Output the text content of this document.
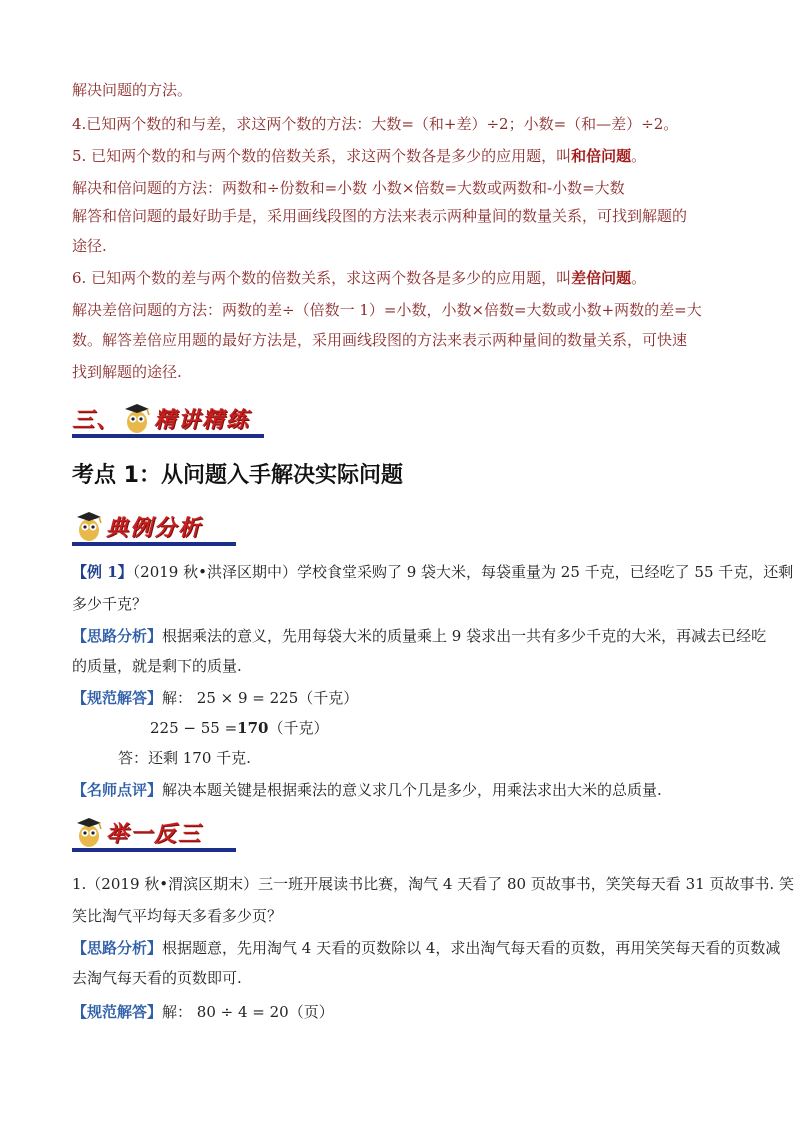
解决问题的方法。
4.已知两个数的和与差，求这两个数的方法：大数=（和+差）÷2；小数=（和—差）÷2。
5. 已知两个数的和与两个数的倍数关系，求这两个数各是多少的应用题，叫和倍问题。
解决和倍问题的方法：两数和÷份数和=小数 小数×倍数=大数或两数和-小数=大数
解答和倍问题的最好助手是，采用画线段图的方法来表示两种量间的数量关系，可找到解题的
途径.
6. 已知两个数的差与两个数的倍数关系，求这两个数各是多少的应用题，叫差倍问题。
解决差倍问题的方法：两数的差÷（倍数一 1）=小数，小数×倍数=大数或小数+两数的差=大
数。解答差倍应用题的最好方法是，采用画线段图的方法来表示两种量间的数量关系，可快速
找到解题的途径.
三、 精讲精练
考点 1：从问题入手解决实际问题
典例分析
【例 1】（2019 秋•洪泽区期中）学校食堂采购了 9 袋大米，每袋重量为 25 千克，已经吃了 55 千克，还剩
多少千克？
【思路分析】根据乘法的意义，先用每袋大米的质量乘上 9 袋求出一共有多少千克的大米，再减去已经吃
的质量，就是剩下的质量.
【规范解答】解： 25 × 9 = 225（千克）
225 − 55 =170（千克）
答：还剩 170 千克.
【名师点评】解决本题关键是根据乘法的意义求几个几是多少，用乘法求出大米的总质量.
举一反三
1.（2019 秋•渭滨区期末）三一班开展读书比赛，淘气 4 天看了 80 页故事书，笑笑每天看 31 页故事书. 笑
笑比淘气平均每天多看多少页？
【思路分析】根据题意，先用淘气 4 天看的页数除以 4，求出淘气每天看的页数，再用笑笑每天看的页数减
去淘气每天看的页数即可.
【规范解答】解： 80 ÷ 4 = 20（页）
